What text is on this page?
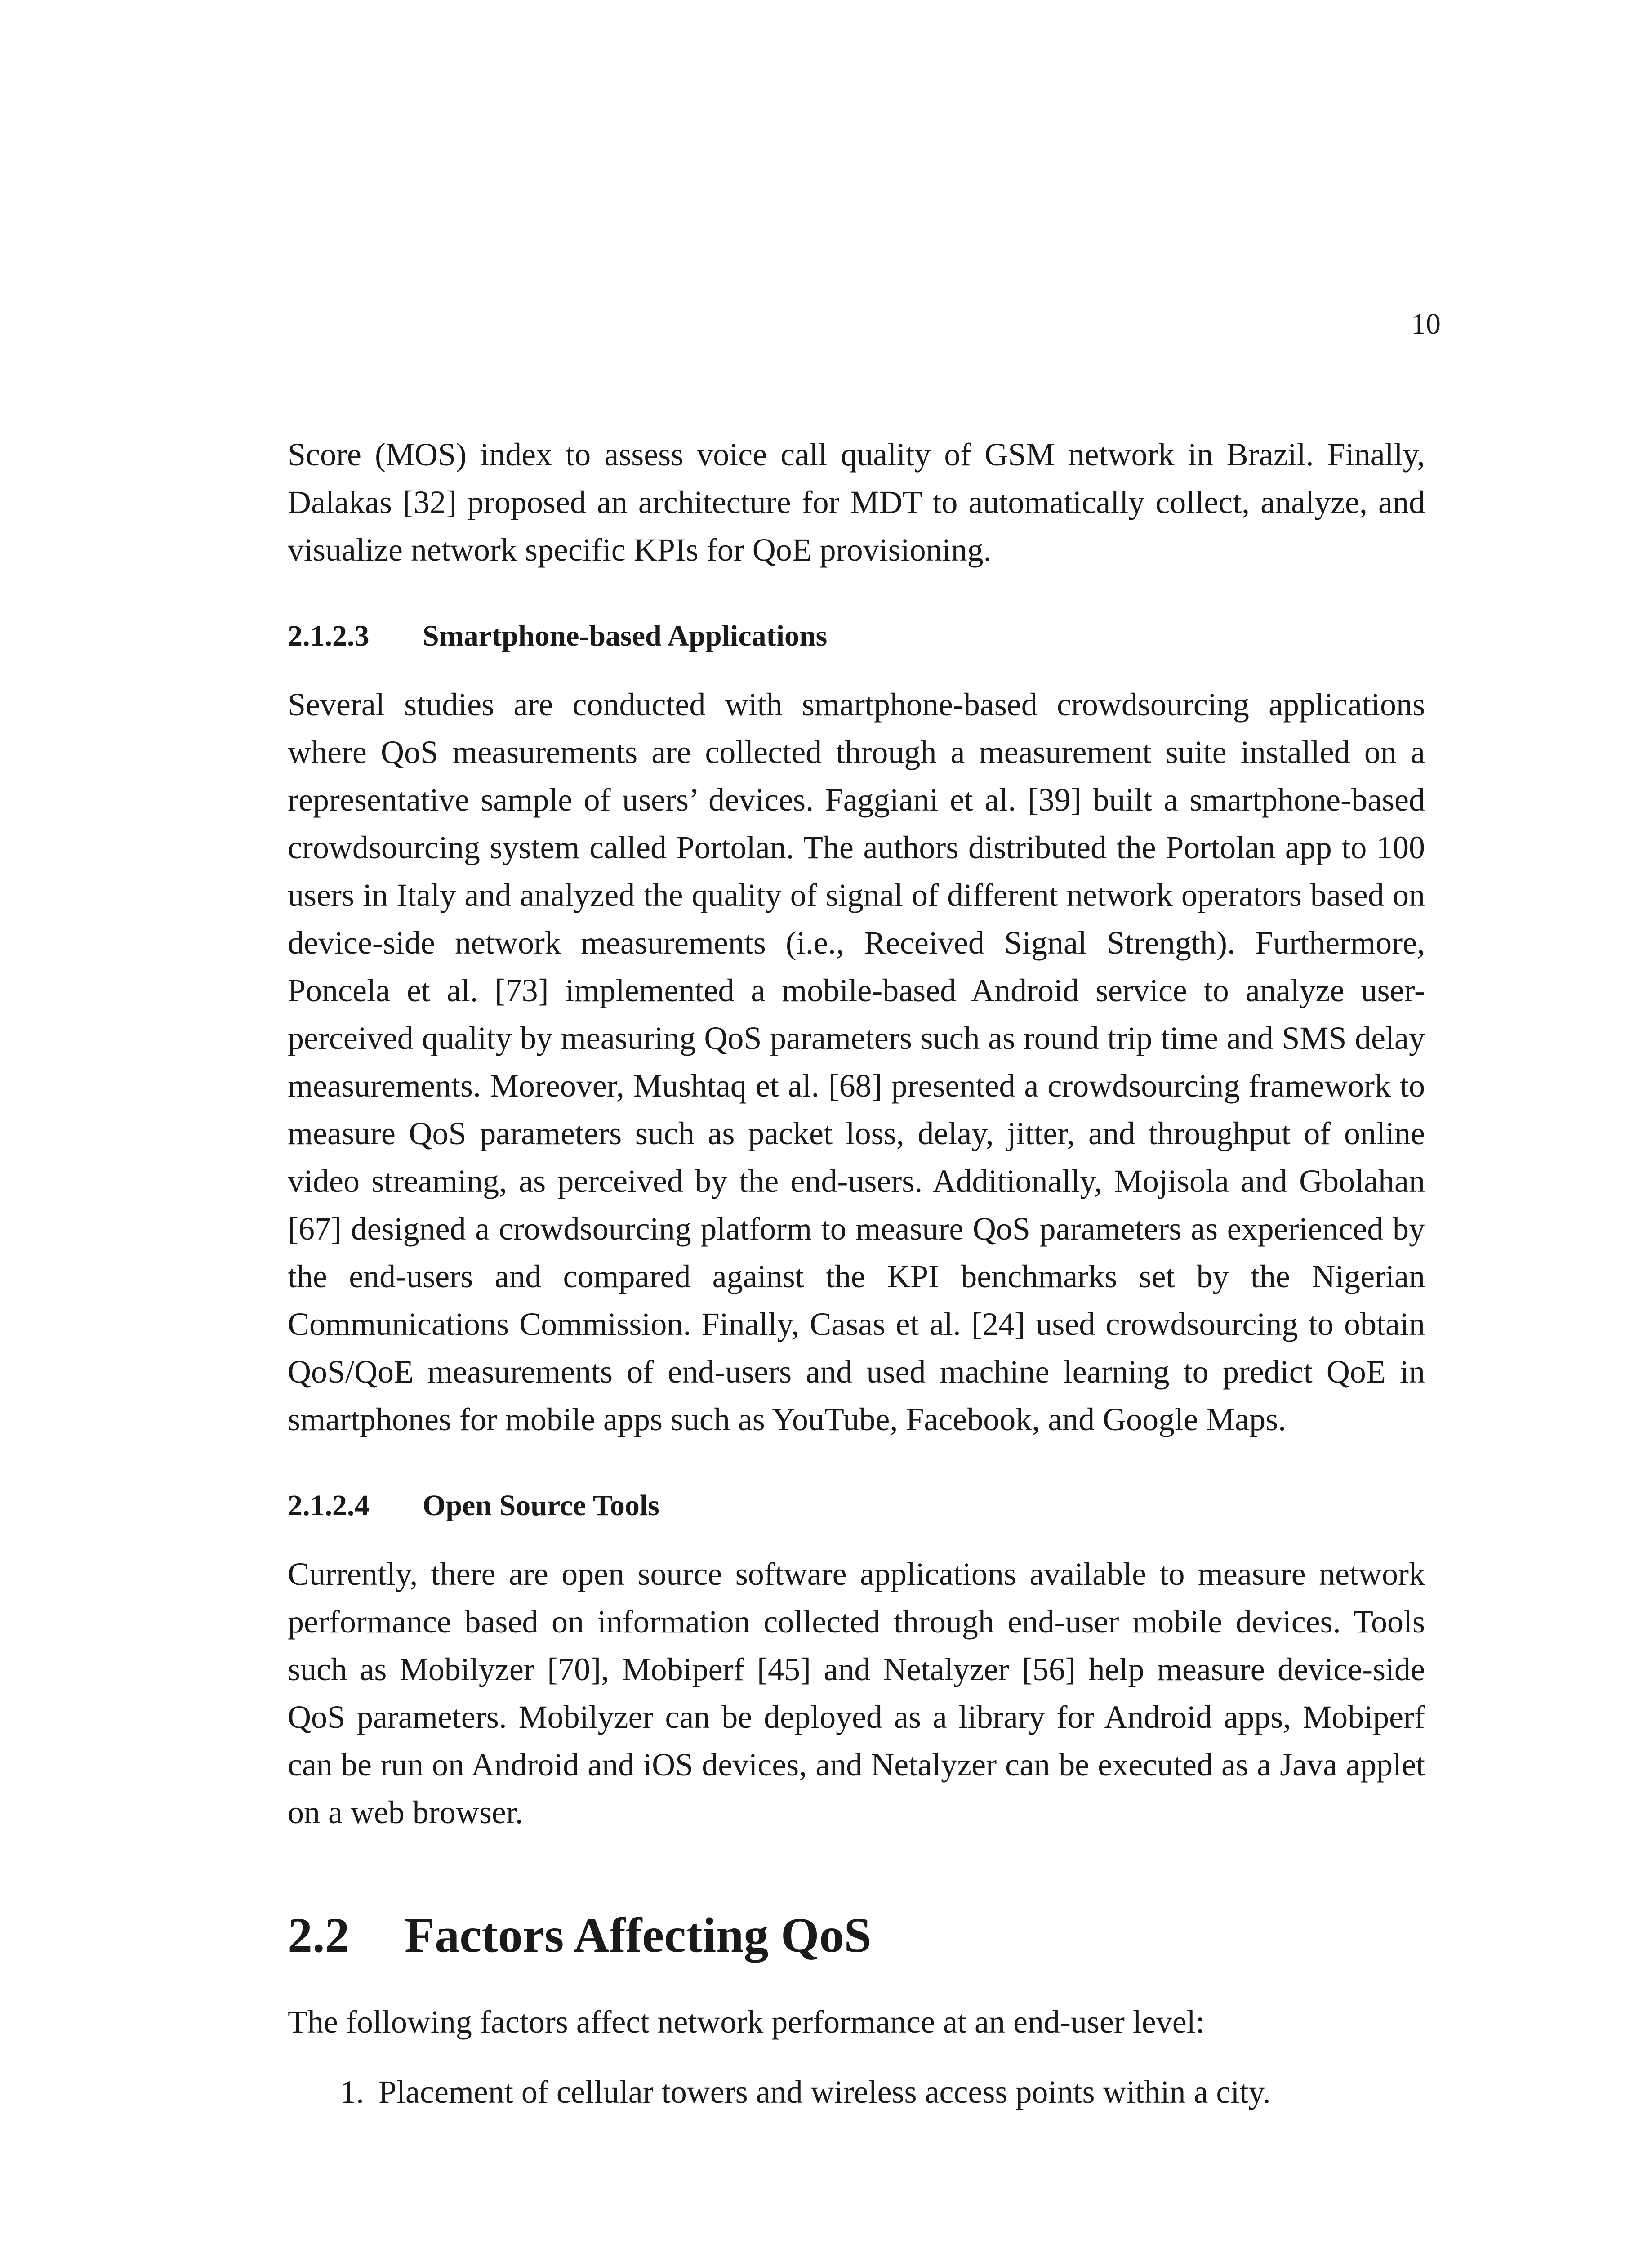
10

Score (MOS) index to assess voice call quality of GSM network in Brazil. Finally, Dalakas [32] proposed an architecture for MDT to automatically collect, analyze, and visualize network specific KPIs for QoE provisioning.

2.1.2.3	Smartphone-based Applications

Several studies are conducted with smartphone-based crowdsourcing applications where QoS measurements are collected through a measurement suite installed on a representative sample of users’ devices. Faggiani et al. [39] built a smartphone-based crowdsourcing system called Portolan. The authors distributed the Portolan app to 100 users in Italy and analyzed the quality of signal of different network operators based on device-side network measurements (i.e., Received Signal Strength). Furthermore, Poncela et al. [73] implemented a mobile-based Android service to analyze user-perceived quality by measuring QoS parameters such as round trip time and SMS delay measurements. Moreover, Mushtaq et al. [68] presented a crowdsourcing framework to measure QoS parameters such as packet loss, delay, jitter, and throughput of online video streaming, as perceived by the end-users. Additionally, Mojisola and Gbolahan [67] designed a crowdsourcing platform to measure QoS parameters as experienced by the end-users and compared against the KPI benchmarks set by the Nigerian Communications Commission. Finally, Casas et al. [24] used crowdsourcing to obtain QoS/QoE measurements of end-users and used machine learning to predict QoE in smartphones for mobile apps such as YouTube, Facebook, and Google Maps.

2.1.2.4	Open Source Tools

Currently, there are open source software applications available to measure network performance based on information collected through end-user mobile devices. Tools such as Mobilyzer [70], Mobiperf [45] and Netalyzer [56] help measure device-side QoS parameters. Mobilyzer can be deployed as a library for Android apps, Mobiperf can be run on Android and iOS devices, and Netalyzer can be executed as a Java applet on a web browser.

2.2	Factors Affecting QoS

The following factors affect network performance at an end-user level:

1. Placement of cellular towers and wireless access points within a city.
